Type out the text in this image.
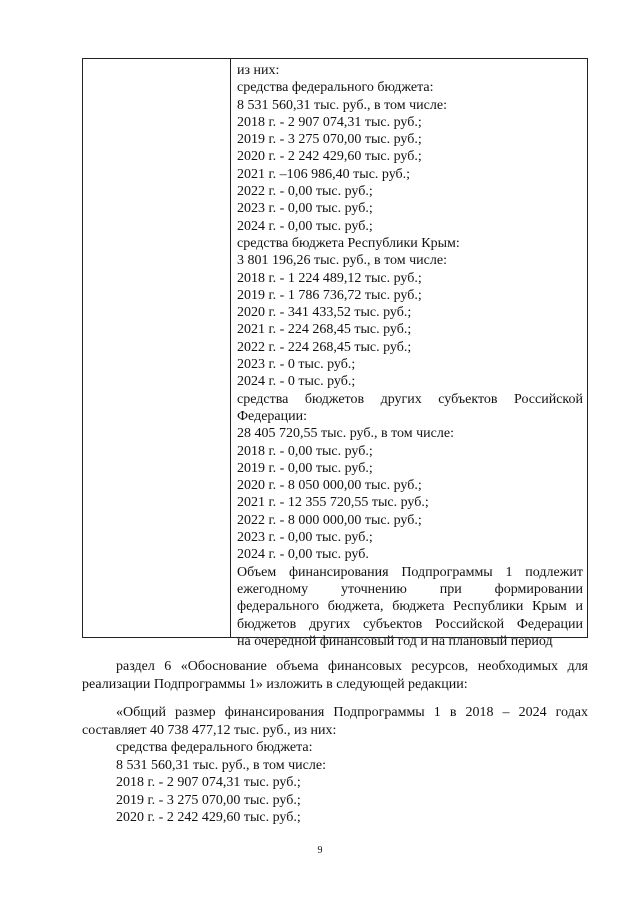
из них:
средства федерального бюджета:
8 531 560,31 тыс. руб., в том числе:
2018 г. - 2 907 074,31 тыс. руб.;
2019 г. - 3 275 070,00 тыс. руб.;
2020 г. - 2 242 429,60 тыс. руб.;
2021 г. –106 986,40 тыс. руб.;
2022 г. - 0,00 тыс. руб.;
2023 г. - 0,00 тыс. руб.;
2024 г. - 0,00 тыс. руб.;
средства бюджета Республики Крым:
3 801 196,26 тыс. руб., в том числе:
2018 г. - 1 224 489,12 тыс. руб.;
2019 г. - 1 786 736,72 тыс. руб.;
2020 г. - 341 433,52 тыс. руб.;
2021 г. - 224 268,45 тыс. руб.;
2022 г. - 224 268,45 тыс. руб.;
2023 г. - 0 тыс. руб.;
2024 г. - 0 тыс. руб.;
средства бюджетов других субъектов Российской
Федерации:
28 405 720,55 тыс. руб., в том числе:
2018 г. - 0,00 тыс. руб.;
2019 г. - 0,00 тыс. руб.;
2020 г. - 8 050 000,00 тыс. руб.;
2021 г. - 12 355 720,55 тыс. руб.;
2022 г. - 8 000 000,00 тыс. руб.;
2023 г. - 0,00 тыс. руб.;
2024 г. - 0,00 тыс. руб.
Объем финансирования Подпрограммы 1 подлежит
ежегодному уточнению при формировании
федерального бюджета, бюджета Республики Крым и
бюджетов других субъектов Российской Федерации
на очередной финансовый год и на плановый период
раздел 6 «Обоснование объема финансовых ресурсов, необходимых для
реализации Подпрограммы 1» изложить в следующей редакции:
«Общий размер финансирования Подпрограммы 1 в 2018 – 2024 годах
составляет 40 738 477,12 тыс. руб., из них:
средства федерального бюджета:
8 531 560,31 тыс. руб., в том числе:
2018 г. - 2 907 074,31 тыс. руб.;
2019 г. - 3 275 070,00 тыс. руб.;
2020 г. - 2 242 429,60 тыс. руб.;
9
